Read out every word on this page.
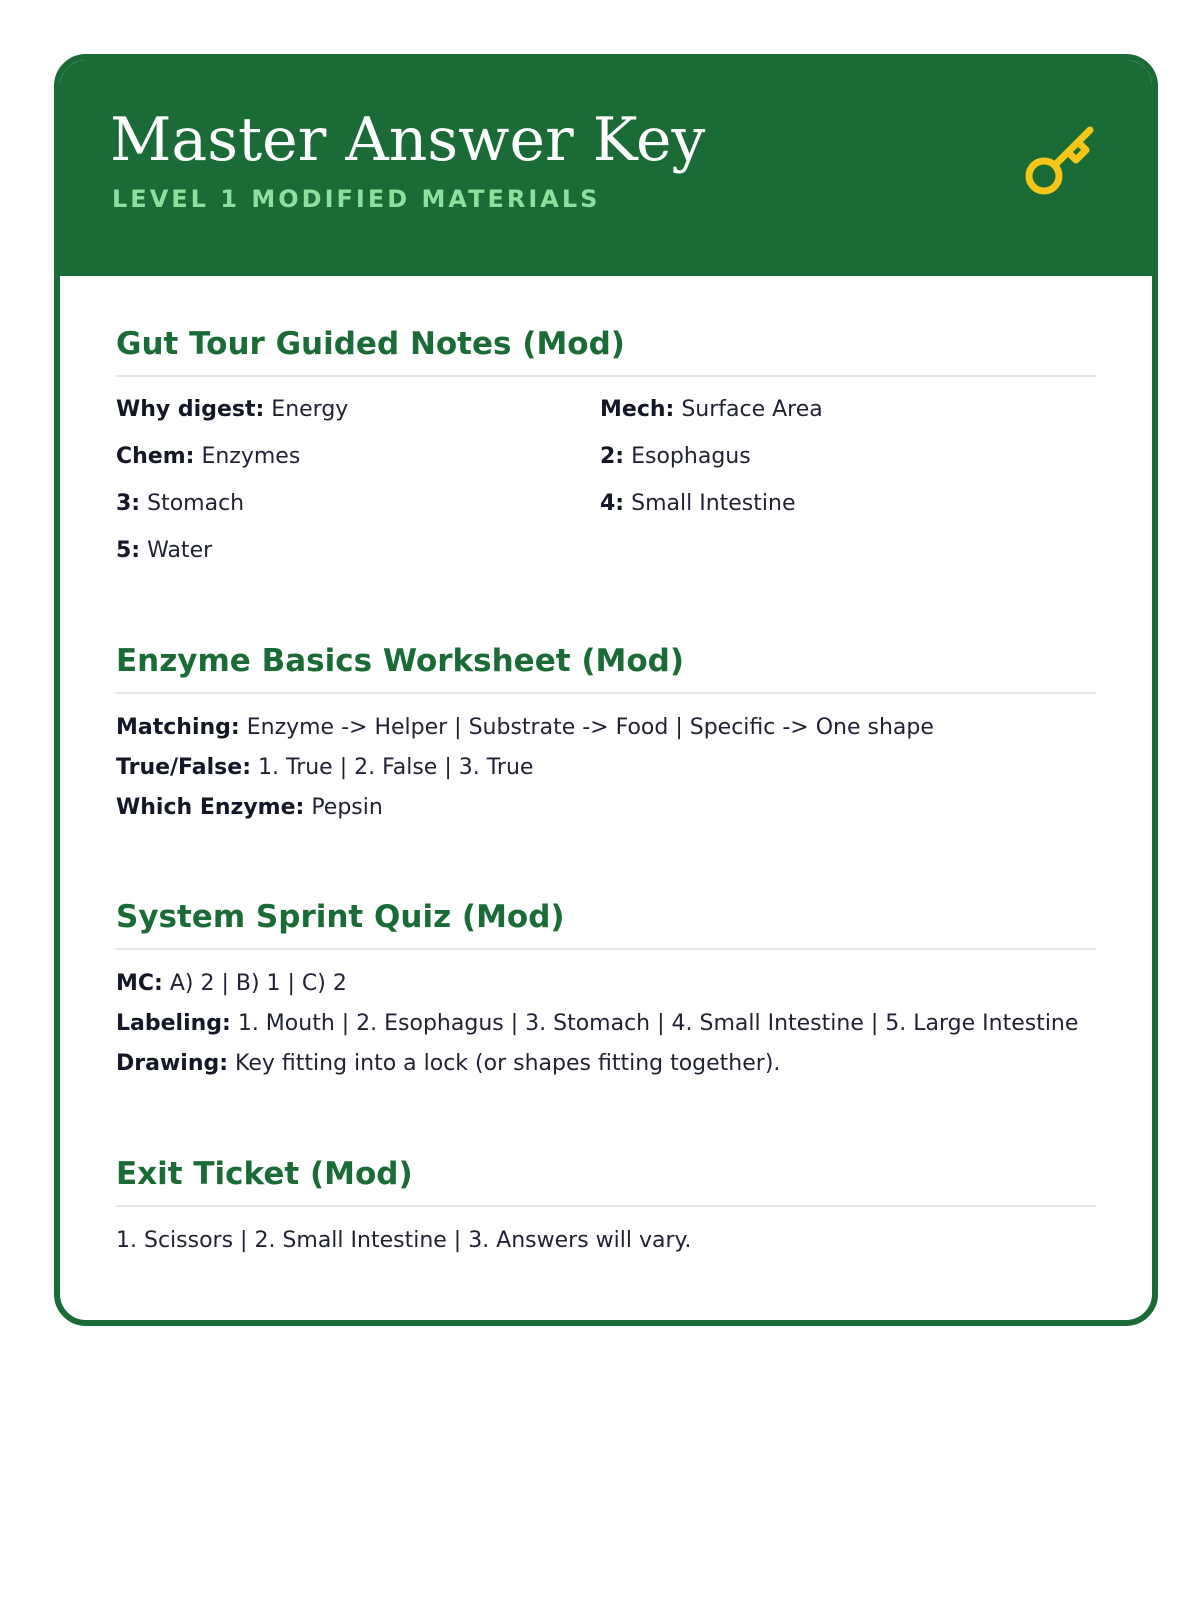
Master Answer Key
LEVEL 1 MODIFIED MATERIALS
Gut Tour Guided Notes (Mod)
Why digest: Energy	Mech: Surface Area
Chem: Enzymes	2: Esophagus
3: Stomach	4: Small Intestine
5: Water
Enzyme Basics Worksheet (Mod)
Matching: Enzyme -> Helper | Substrate -> Food | Specific -> One shape
True/False: 1. True | 2. False | 3. True
Which Enzyme: Pepsin
System Sprint Quiz (Mod)
MC: A) 2 | B) 1 | C) 2
Labeling: 1. Mouth | 2. Esophagus | 3. Stomach | 4. Small Intestine | 5. Large Intestine
Drawing: Key fitting into a lock (or shapes fitting together).
Exit Ticket (Mod)
1. Scissors | 2. Small Intestine | 3. Answers will vary.
